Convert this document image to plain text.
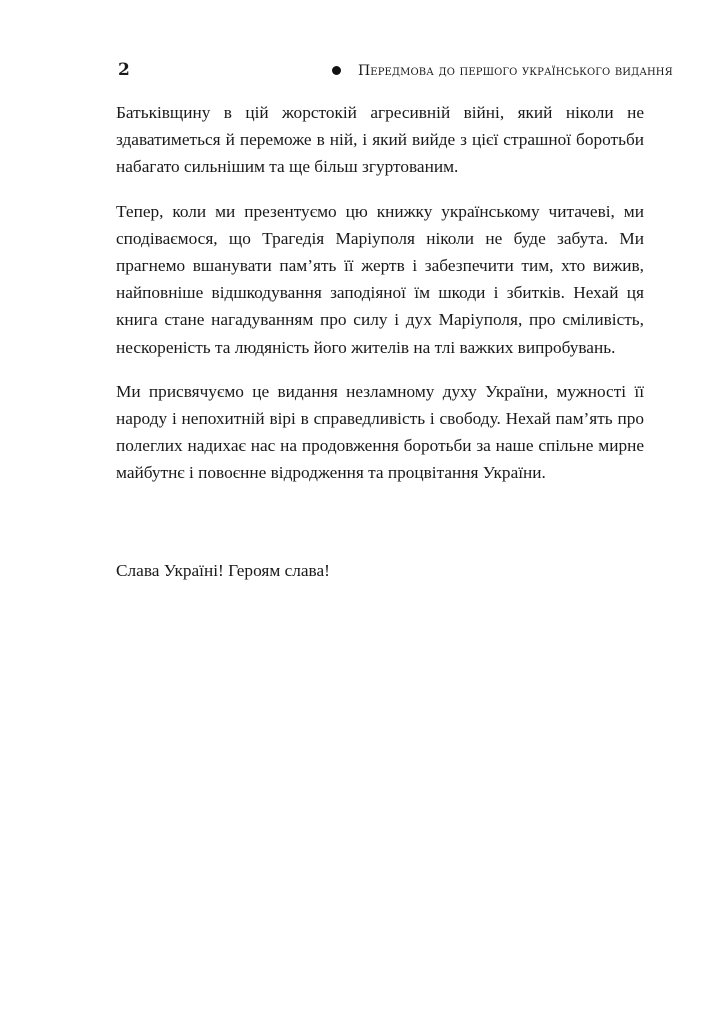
2	Передмова до першого українського видання

Батьківщину в цій жорстокій агресивній війні, який ніколи не здаватиметься й переможе в ній, і який вийде з цієї страшної боротьби набагато сильнішим та ще більш згуртованим.

Тепер, коли ми презентуємо цю книжку українському читачеві, ми сподіваємося, що Трагедія Маріуполя ніколи не буде забута. Ми прагнемо вшанувати пам’ять її жертв і забезпечити тим, хто вижив, найповніше відшкодування заподіяної їм шкоди і збитків. Нехай ця книга стане нагадуванням про силу і дух Маріуполя, про сміливість, нескореність та людяність його жителів на тлі важких випробувань.

Ми присвячуємо це видання незламному духу України, мужності її народу і непохитній вірі в справедливість і свободу. Нехай пам’ять про полеглих надихає нас на продовження боротьби за наше спільне мирне майбутнє і повоєнне відродження та процвітання України.

Слава Україні! Героям слава!
